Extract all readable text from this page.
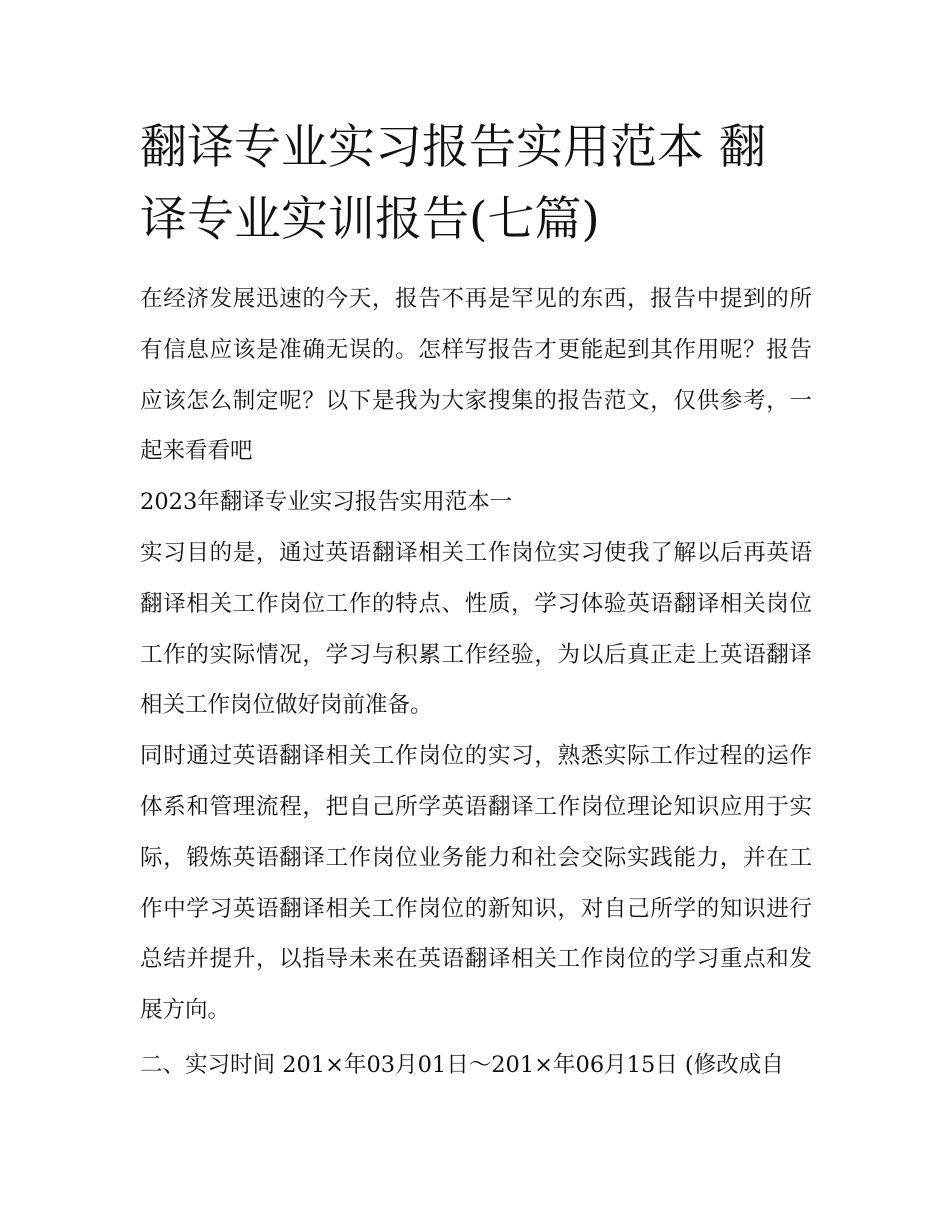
翻译专业实习报告实用范本 翻译专业实训报告(七篇)

在经济发展迅速的今天，报告不再是罕见的东西，报告中提到的所有信息应该是准确无误的。怎样写报告才更能起到其作用呢？报告应该怎么制定呢？以下是我为大家搜集的报告范文，仅供参考，一起来看看吧

2023年翻译专业实习报告实用范本一

实习目的是，通过英语翻译相关工作岗位实习使我了解以后再英语翻译相关工作岗位工作的特点、性质，学习体验英语翻译相关岗位工作的实际情况，学习与积累工作经验，为以后真正走上英语翻译相关工作岗位做好岗前准备。

同时通过英语翻译相关工作岗位的实习，熟悉实际工作过程的运作体系和管理流程，把自己所学英语翻译工作岗位理论知识应用于实际，锻炼英语翻译工作岗位业务能力和社会交际实践能力，并在工作中学习英语翻译相关工作岗位的新知识，对自己所学的知识进行总结并提升，以指导未来在英语翻译相关工作岗位的学习重点和发展方向。

二、实习时间 201×年03月01日～201×年06月15日 (修改成自
